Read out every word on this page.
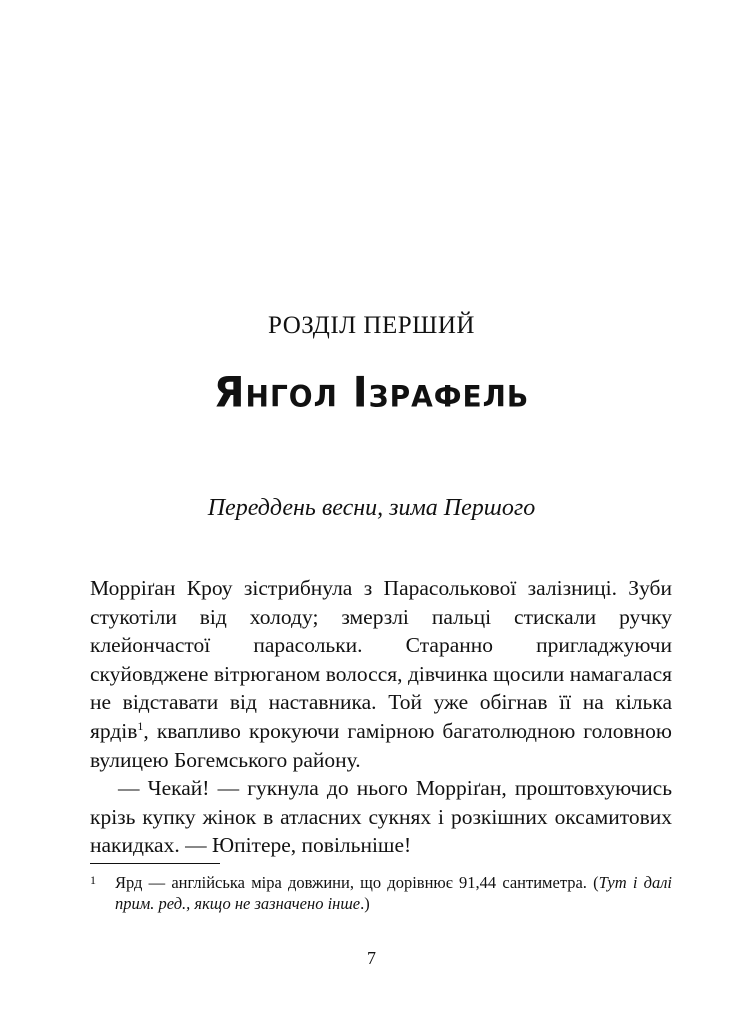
РОЗДІЛ ПЕРШИЙ
Янгол Ізрафель
Переддень весни, зима Першого

Морріґан Кроу зістрибнула з Парасолькової залізниці. Зуби стукотіли від холоду; змерзлі пальці стискали ручку клейончастої парасольки. Старанно пригладжуючи скуйовджене вітрюганом волосся, дівчинка щосили намагалася не відставати від наставника. Той уже обігнав її на кілька ярдів$^1$, квапливо крокуючи гамірною багатолюдною головною вулицею Богемського району.

— Чекай! — гукнула до нього Морріґан, проштовхуючись крізь купку жінок в атласних сукнях і розкішних оксамитових накидках. — Юпітере, повільніше!

1	Ярд — англійська міра довжини, що дорівнює 91,44 сантиметра. (Тут і далі прим. ред., якщо не зазначено інше.)
7
